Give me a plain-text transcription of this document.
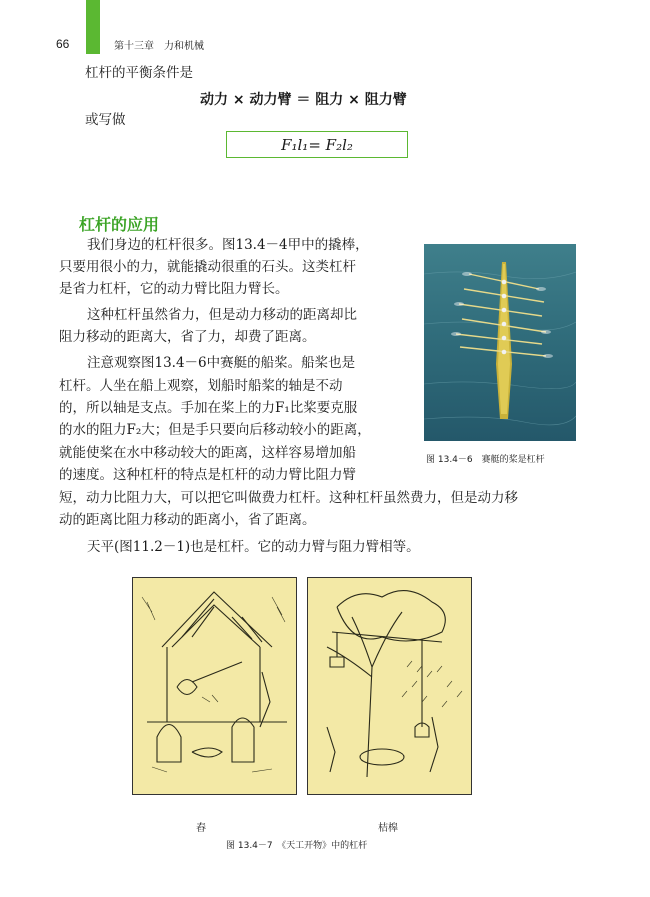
66	第十三章　力和机械

杠杆的平衡条件是

动力 × 动力臂 ＝ 阻力 × 阻力臂

或写做

F₁l₁= F₂l₂
杠杆的应用

我们身边的杠杆很多。图13.4－4甲中的撬棒，

只要用很小的力，就能撬动很重的石头。这类杠杆

是省力杠杆，它的动力臂比阻力臂长。

这种杠杆虽然省力，但是动力移动的距离却比

阻力移动的距离大，省了力，却费了距离。

注意观察图13.4－6中赛艇的船桨。船桨也是

杠杆。人坐在船上观察，划船时船桨的轴是不动

的，所以轴是支点。手加在桨上的力F₁比桨要克服

的水的阻力F₂大；但是手只要向后移动较小的距离，

就能使桨在水中移动较大的距离，这样容易增加船

的速度。这种杠杆的特点是杠杆的动力臂比阻力臂

短，动力比阻力大，可以把它叫做费力杠杆。这种杠杆虽然费力，但是动力移

动的距离比阻力移动的距离小，省了距离。

天平(图11.2－1)也是杠杆。它的动力臂与阻力臂相等。

图 13.4－6　赛艇的桨是杠杆
舂	桔槔
图 13.4－7　《天工开物》中的杠杆
